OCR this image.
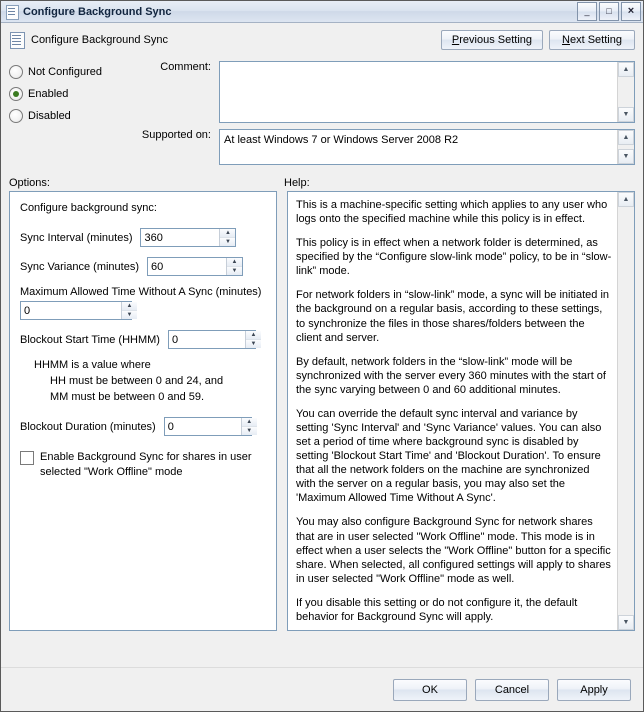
Configure Background Sync	_	□	×
Configure Background Sync	Previous Setting	Next Setting
Not Configured
Enabled
Disabled
Comment:	▲
▼
Supported on:	At least Windows 7 or Windows Server 2008 R2	▲
▼
Options:	Help:
Configure background sync:
Sync Interval (minutes)
360	▲
▼
Sync Variance (minutes)
60	▲
▼
Maximum Allowed Time Without A Sync (minutes)
0
▲
▼
Blockout Start Time (HHMM)
0	▲
▼
HHMM is a value where
HH must be between 0 and 24, and
MM must be between 0 and 59.
Blockout Duration (minutes)
0	▲
▼
Enable Background Sync for shares in user selected "Work Offline" mode

This is a machine-specific setting which applies to any user who logs onto the specified machine while this policy is in effect.

This policy is in effect when a network folder is determined, as specified by the “Configure slow-link mode” policy, to be in “slow-link” mode.

For network folders in “slow-link” mode, a sync will be initiated in the background on a regular basis, according to these settings, to synchronize the files in those shares/folders between the client and server.

By default, network folders in the “slow-link” mode will be synchronized with the server every 360 minutes with the start of the sync varying between 0 and 60 additional minutes.

You can override the default sync interval and variance by setting 'Sync Interval' and 'Sync Variance' values. You can also set a period of time where background sync is disabled by setting 'Blockout Start Time' and 'Blockout Duration'. To ensure that all the network folders on the machine are synchronized with the server on a regular basis, you may also set the 'Maximum Allowed Time Without A Sync'.

You may also configure Background Sync for network shares that are in user selected "Work Offline" mode. This mode is in effect when a user selects the "Work Offline" button for a specific share. When selected, all configured settings will apply to shares in user selected "Work Offline" mode as well.

If you disable this setting or do not configure it, the default behavior for Background Sync will apply.

▲
▼
OK	Cancel	Apply
